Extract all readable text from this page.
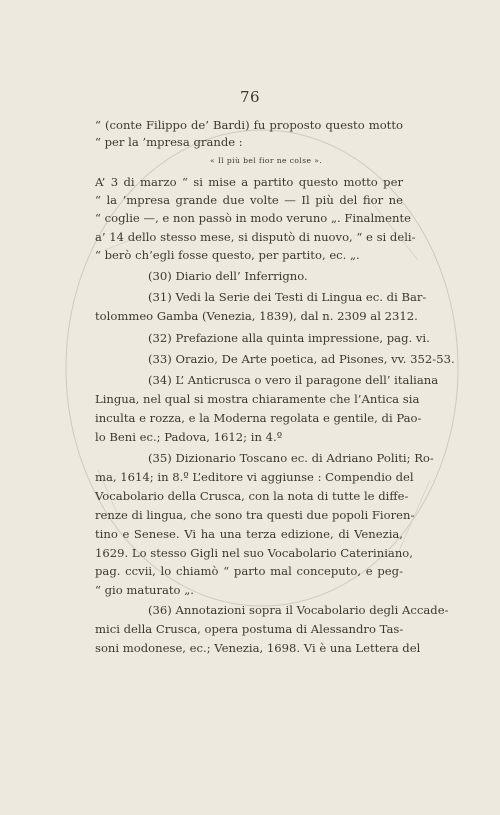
76
“ (conte Filippo de’ Bardi) fu proposto questo motto
“ per la ’mpresa grande :
« Il più bel fior ne colse ».
A’ 3 di marzo “ si mise a partito questo motto per
“ la ’mpresa grande due volte — Il più del fior ne
“ coglie —, e non passò in modo veruno „. Finalmente
a’ 14 dello stesso mese, si disputò di nuovo, “ e si deli-
“ berò ch’egli fosse questo, per partito, ec. „.
(30) Diario dell’ Inferrigno.
(31) Vedi la Serie dei Testi di Lingua ec. di Bar-
tolommeo Gamba (Venezia, 1839), dal n. 2309 al 2312.
(32) Prefazione alla quinta impressione, pag. vi.
(33) Orazio, De Arte poetica, ad Pisones, vv. 352-53.
(34) L’ Anticrusca o vero il paragone dell’ italiana
Lingua, nel qual si mostra chiaramente che l’Antica sia
inculta e rozza, e la Moderna regolata e gentile, di Pao-
lo Beni ec.; Padova, 1612; in 4.º
(35) Dizionario Toscano ec. di Adriano Politi; Ro-
ma, 1614; in 8.º L’editore vi aggiunse : Compendio del
Vocabolario della Crusca, con la nota di tutte le diffe-
renze di lingua, che sono tra questi due popoli Fioren-
tino e Senese. Vi ha una terza edizione, di Venezia,
1629. Lo stesso Gigli nel suo Vocabolario Cateriniano,
pag. ccvii, lo chiamò “ parto mal conceputo, e peg-
“ gio maturato „.
(36) Annotazioni sopra il Vocabolario degli Accade-
mici della Crusca, opera postuma di Alessandro Tas-
soni modonese, ec.; Venezia, 1698. Vi è una Lettera del
